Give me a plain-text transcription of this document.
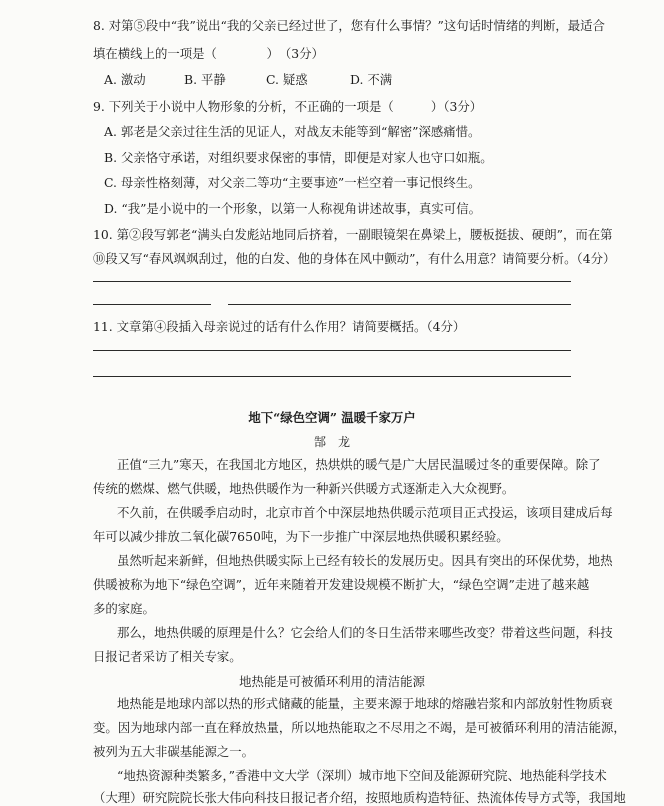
8. 对第⑤段中“我”说出“我的父亲已经过世了，您有什么事情？”这句话时情绪的判断，最适合
填在横线上的一项是（　　　　）　（3分）
A. 激动	B. 平静	C. 疑惑	D. 不满
9. 下列关于小说中人物形象的分析，不正确的一项是（　　　）（3分）
A. 郭老是父亲过往生活的见证人，对战友未能等到“解密”深感痛惜。
B. 父亲恪守承诺，对组织要求保密的事情，即便是对家人也守口如瓶。
C. 母亲性格刻薄，对父亲二等功“主要事迹”一栏空着一事记恨终生。
D. “我”是小说中的一个形象，以第一人称视角讲述故事，真实可信。
10. 第②段写郭老“满头白发彪站地同后挤着，一副眼镜架在鼻梁上，腰板挺拔、硬朗”，而在第
⑩段又写“春风飒飒刮过，他的白发、他的身体在风中颤动”，有什么用意？请简要分析。（4分）
11. 文章第④段插入母亲说过的话有什么作用？请简要概括。（4分）
地下“绿色空调” 温暖千家万户
郜　龙
正值“三九”寒天，在我国北方地区，热烘烘的暖气是广大居民温暖过冬的重要保障。除了
传统的燃煤、燃气供暖，地热供暖作为一种新兴供暖方式逐渐走入大众视野。
不久前，在供暖季启动时，北京市首个中深层地热供暖示范项目正式投运，该项目建成后每
年可以减少排放二氧化碳7650吨，为下一步推广中深层地热供暖积累经验。
虽然听起来新鲜，但地热供暖实际上已经有较长的发展历史。因具有突出的环保优势，地热
供暖被称为地下“绿色空调”，近年来随着开发建设规模不断扩大，“绿色空调”走进了越来越
多的家庭。
那么，地热供暖的原理是什么？它会给人们的冬日生活带来哪些改变？带着这些问题，科技
日报记者采访了相关专家。
地热能是可被循环利用的清洁能源
地热能是地球内部以热的形式储藏的能量，主要来源于地球的熔融岩浆和内部放射性物质衰
变。因为地球内部一直在释放热量，所以地热能取之不尽用之不竭，是可被循环利用的清洁能源，
被列为五大非碳基能源之一。
“地热资源种类繁多，”香港中文大学（深圳）城市地下空间及能源研究院、地热能科学技术
（大理）研究院院长张大伟向科技日报记者介绍，按照地质构造特征、热流体传导方式等，我国地
